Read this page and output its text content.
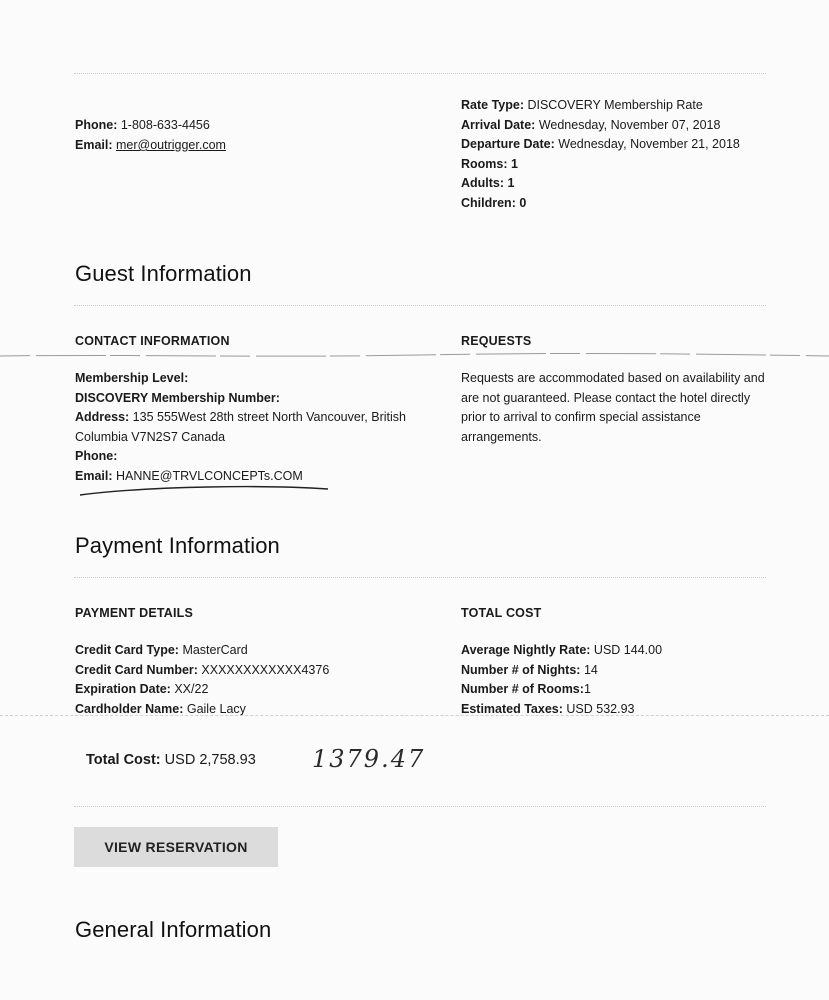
Phone: 1-808-633-4456
Email: mer@outrigger.com
Rate Type: DISCOVERY Membership Rate
Arrival Date: Wednesday, November 07, 2018
Departure Date: Wednesday, November 21, 2018
Rooms: 1
Adults: 1
Children: 0
Guest Information
CONTACT INFORMATION	REQUESTS
Membership Level:
DISCOVERY Membership Number:
Address: 135 555West 28th street North Vancouver, British
Columbia V7N2S7 Canada
Phone:
Email: HANNE@TRVLCONCEPTs.COM
Requests are accommodated based on availability and
are not guaranteed. Please contact the hotel directly
prior to arrival to confirm special assistance
arrangements.
Payment Information
PAYMENT DETAILS	TOTAL COST
Credit Card Type: MasterCard
Credit Card Number: XXXXXXXXXXXX4376
Expiration Date: XX/22
Cardholder Name: Gaile Lacy
Average Nightly Rate: USD 144.00
Number # of Nights: 14
Number # of Rooms:1
Estimated Taxes: USD 532.93
Total Cost: USD 2,758.93 1379.47
VIEW RESERVATION
General Information
